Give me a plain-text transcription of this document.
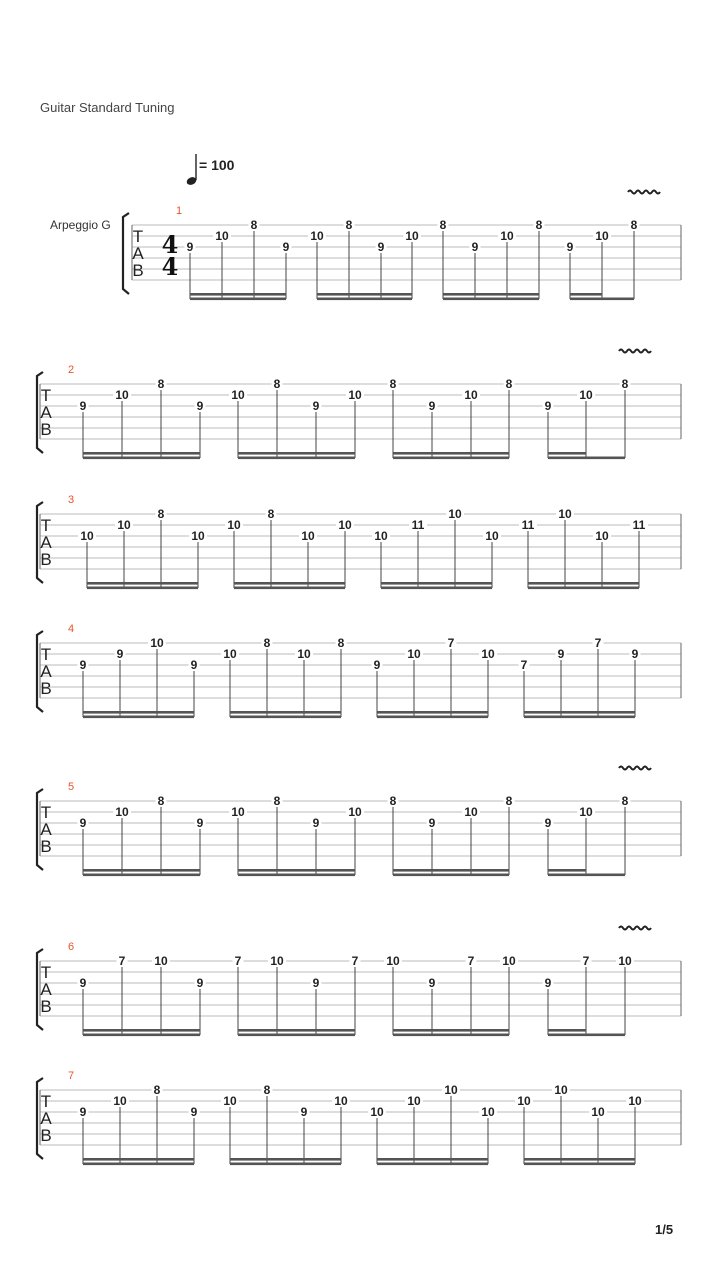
Guitar Standard Tuning
= 100
Arpeggio G
T
A
B
4
4
1
9
10
8
9
10
8
9
10
8
9
10
8
9
10
8
T
A
B
2
9
10
8
9
10
8
9
10
8
9
10
8
9
10
8
T
A
B
3
10
10
8
10
10
8
10
10
10
11
10
10
11
10
10
11
T
A
B
4
9
9
10
9
10
8
10
8
9
10
7
10
7
9
7
9
T
A
B
5
9
10
8
9
10
8
9
10
8
9
10
8
9
10
8
T
A
B
6
9
7 10
9
7 10
9
7 10
9
7 10
9
7 10
T
A
B
7
9
10
8
9
10
8
9
10
10
10
10
10
10
10
10
10
1/5
